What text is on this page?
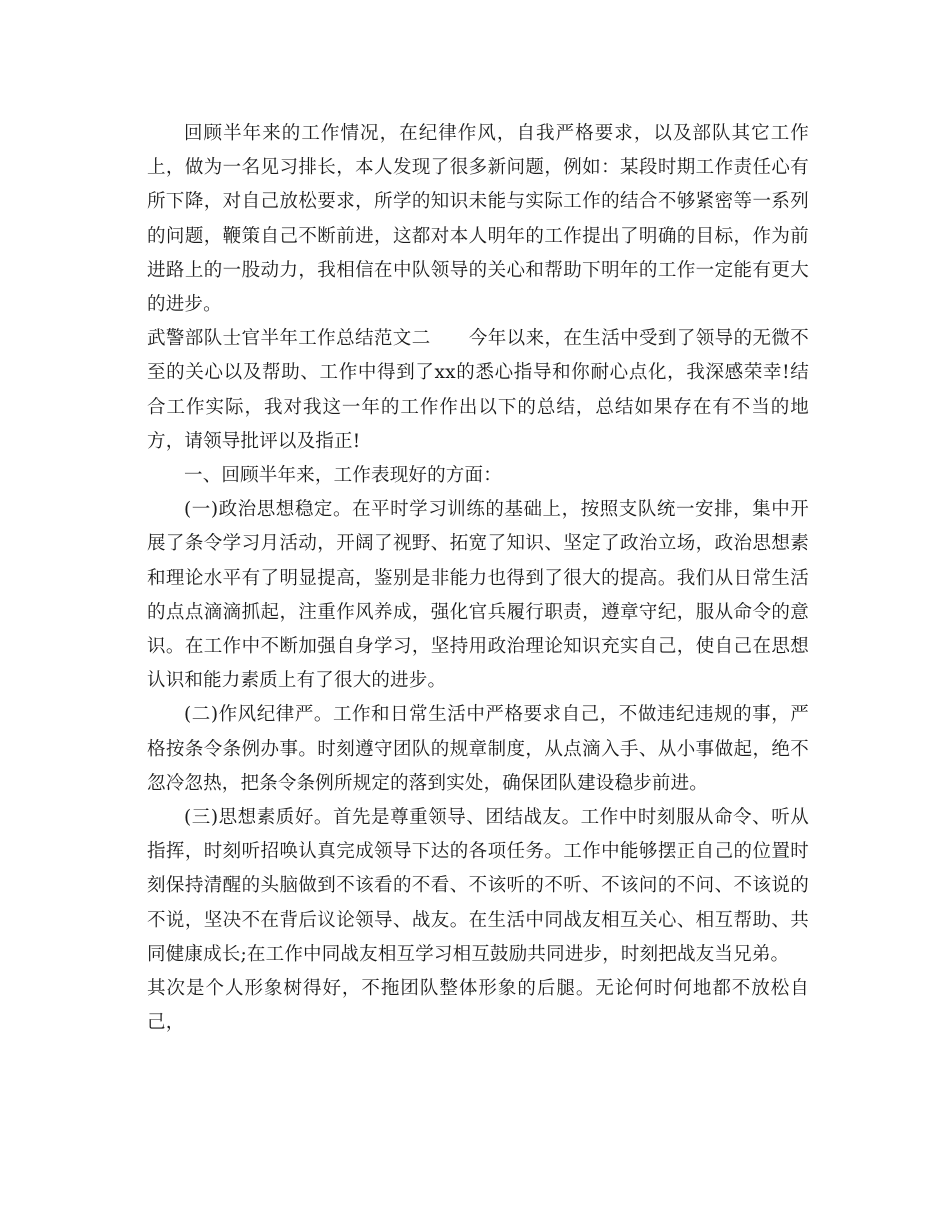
回顾半年来的工作情况，在纪律作风，自我严格要求，以及部队其它工作上，做为一名见习排长，本人发现了很多新问题，例如：某段时期工作责任心有所下降，对自己放松要求，所学的知识未能与实际工作的结合不够紧密等一系列的问题，鞭策自己不断前进，这都对本人明年的工作提出了明确的目标，作为前进路上的一股动力，我相信在中队领导的关心和帮助下明年的工作一定能有更大的进步。

武警部队士官半年工作总结范文二 今年以来，在生活中受到了领导的无微不至的关心以及帮助、工作中得到了xx的悉心指导和你耐心点化，我深感荣幸!结合工作实际，我对我这一年的工作作出以下的总结，总结如果存在有不当的地方，请领导批评以及指正!

一、回顾半年来，工作表现好的方面：

(一)政治思想稳定。在平时学习训练的基础上，按照支队统一安排，集中开展了条令学习月活动，开阔了视野、拓宽了知识、坚定了政治立场，政治思想素和理论水平有了明显提高，鉴别是非能力也得到了很大的提高。我们从日常生活的点点滴滴抓起，注重作风养成，强化官兵履行职责，遵章守纪，服从命令的意识。在工作中不断加强自身学习，坚持用政治理论知识充实自己，使自己在思想认识和能力素质上有了很大的进步。

(二)作风纪律严。工作和日常生活中严格要求自己，不做违纪违规的事，严格按条令条例办事。时刻遵守团队的规章制度，从点滴入手、从小事做起，绝不忽冷忽热，把条令条例所规定的落到实处，确保团队建设稳步前进。

(三)思想素质好。首先是尊重领导、团结战友。工作中时刻服从命令、听从指挥，时刻听招唤认真完成领导下达的各项任务。工作中能够摆正自己的位置时刻保持清醒的头脑做到不该看的不看、不该听的不听、不该问的不问、不该说的不说，坚决不在背后议论领导、战友。在生活中同战友相互关心、相互帮助、共同健康成长;在工作中同战友相互学习相互鼓励共同进步，时刻把战友当兄弟。

其次是个人形象树得好，不拖团队整体形象的后腿。无论何时何地都不放松自己，
